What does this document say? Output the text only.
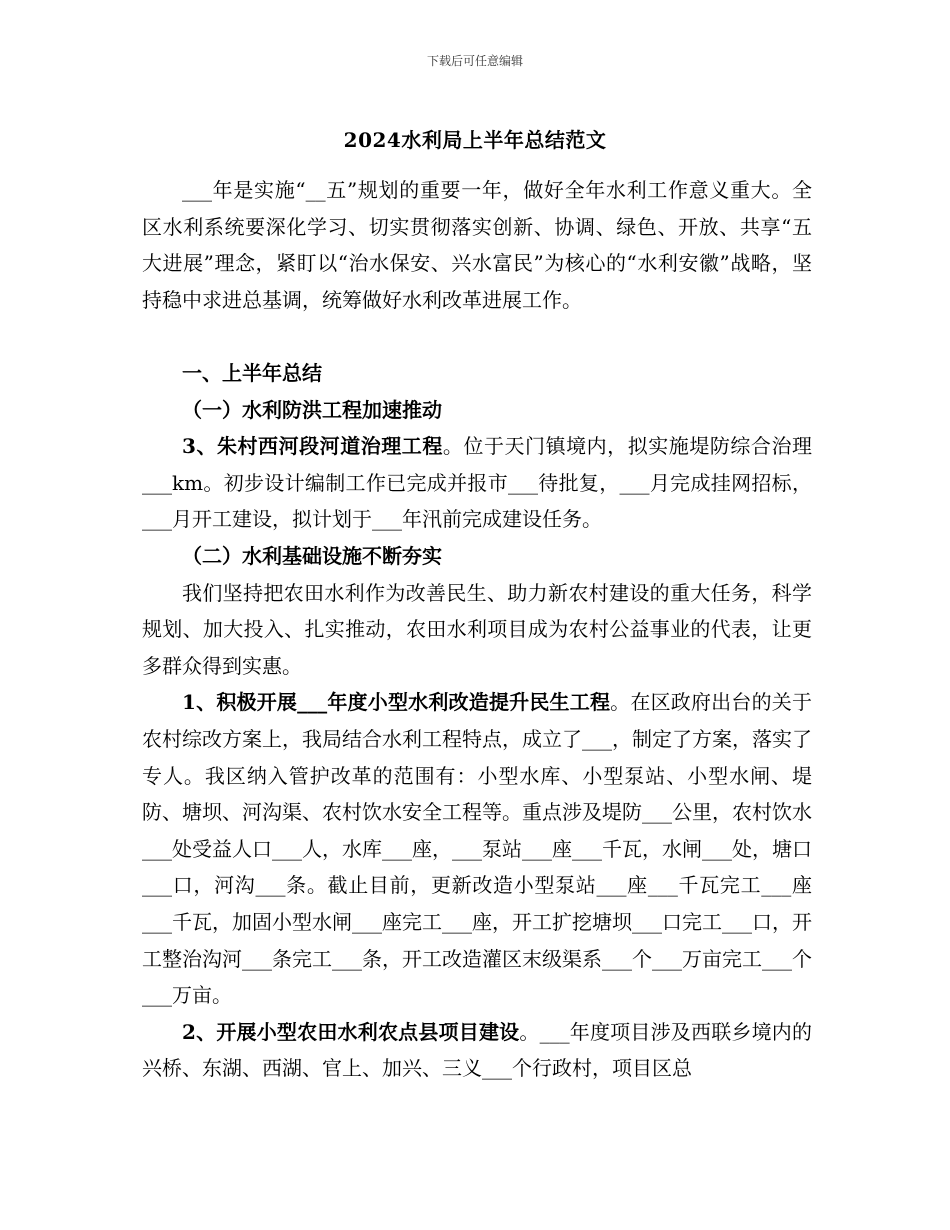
下载后可任意编辑
2024水利局上半年总结范文

___年是实施“__五”规划的重要一年，做好全年水利工作意义重大。全区水利系统要深化学习、切实贯彻落实创新、协调、绿色、开放、共享“五大进展”理念，紧盯以“治水保安、兴水富民”为核心的“水利安徽”战略，坚持稳中求进总基调，统筹做好水利改革进展工作。

一、上半年总结

（一）水利防洪工程加速推动

3、朱村西河段河道治理工程。位于天门镇境内，拟实施堤防综合治理___km。初步设计编制工作已完成并报市___待批复，___月完成挂网招标，___月开工建设，拟计划于___年汛前完成建设任务。

（二）水利基础设施不断夯实

我们坚持把农田水利作为改善民生、助力新农村建设的重大任务，科学规划、加大投入、扎实推动，农田水利项目成为农村公益事业的代表，让更多群众得到实惠。

1、积极开展___年度小型水利改造提升民生工程。在区政府出台的关于农村综改方案上，我局结合水利工程特点，成立了___，制定了方案，落实了专人。我区纳入管护改革的范围有：小型水库、小型泵站、小型水闸、堤防、塘坝、河沟渠、农村饮水安全工程等。重点涉及堤防___公里，农村饮水___处受益人口___人，水库___座，___泵站___座___千瓦，水闸___处，塘口___口，河沟___条。截止目前，更新改造小型泵站___座___千瓦完工___座___千瓦，加固小型水闸___座完工___座，开工扩挖塘坝___口完工___口，开工整治沟河___条完工___条，开工改造灌区末级渠系___个___万亩完工___个___万亩。

2、开展小型农田水利农点县项目建设。___年度项目涉及西联乡境内的兴桥、东湖、西湖、官上、加兴、三义___个行政村，项目区总
